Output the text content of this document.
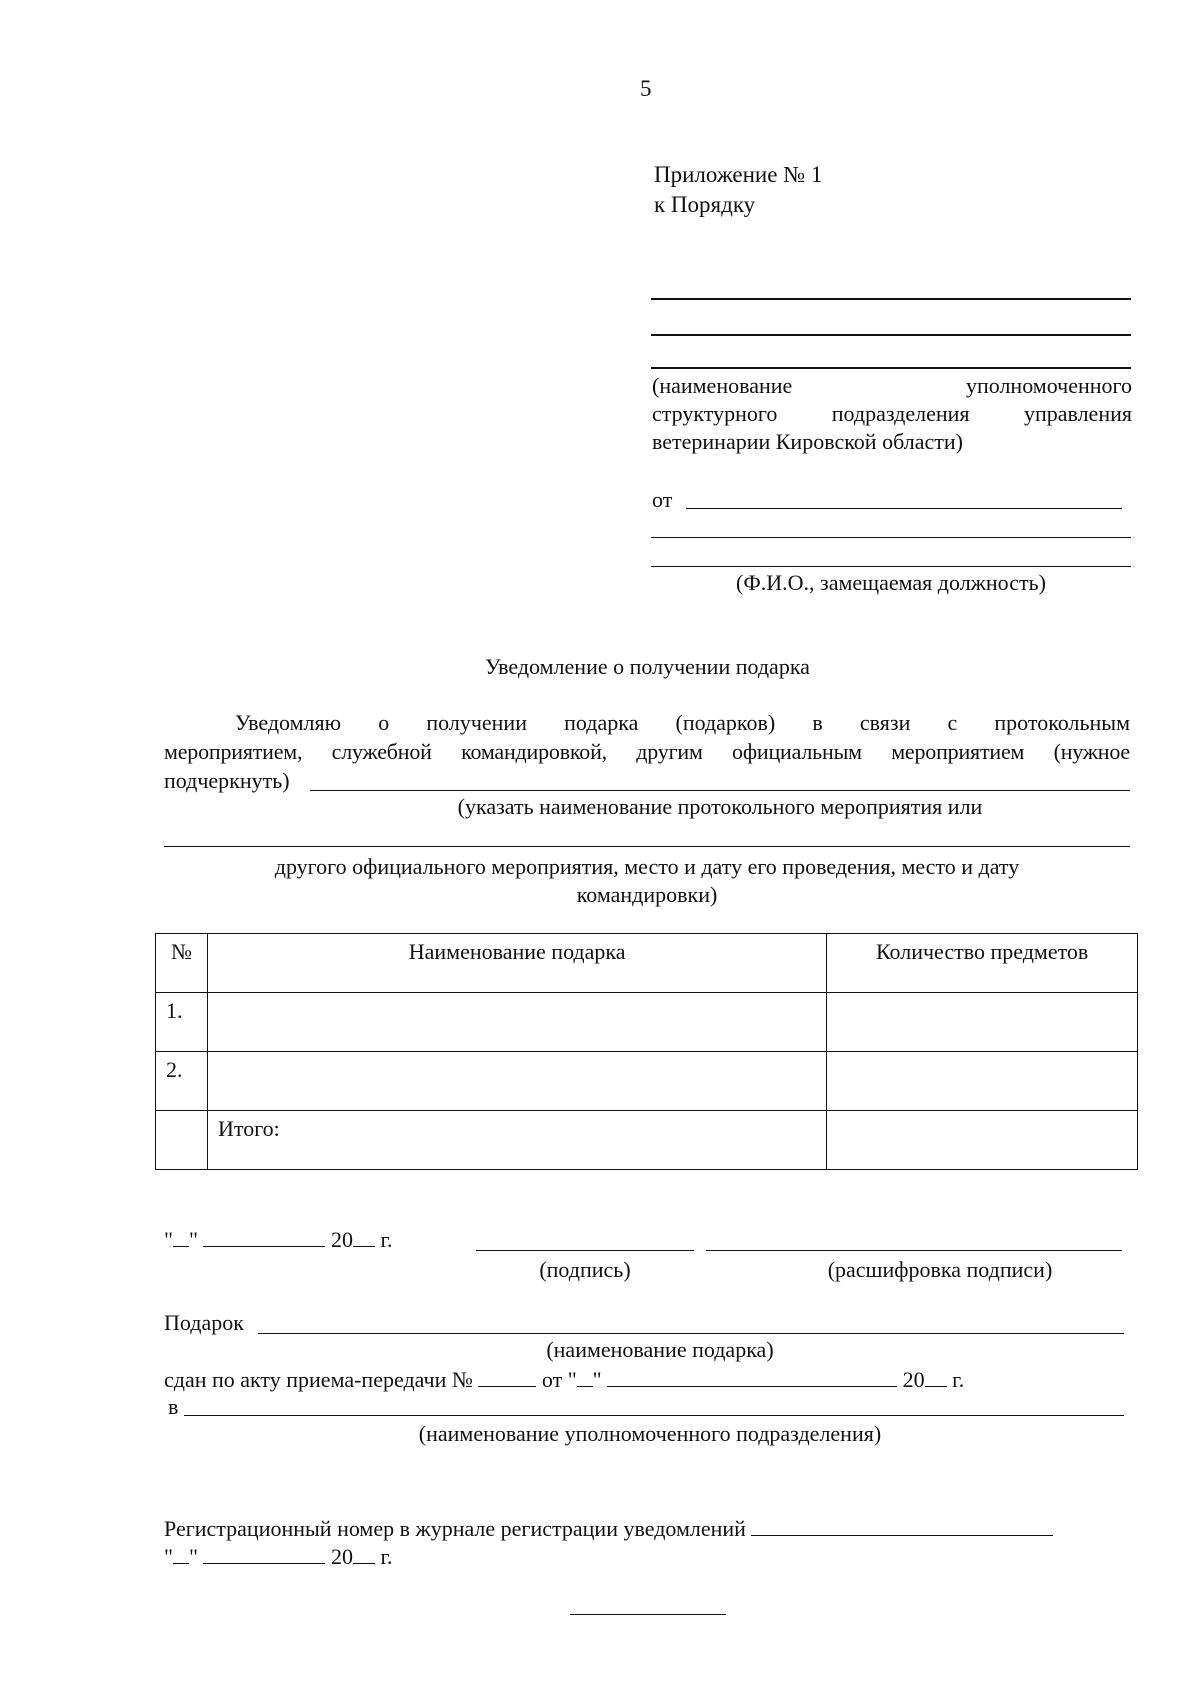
5
Приложение № 1
к Порядку
(наименование	уполномоченного
структурного подразделения управления
ветеринарии Кировской области)
от
(Ф.И.О., замещаемая должность)
Уведомление о получении подарка
Уведомляю о получении подарка (подарков) в связи с протокольным
мероприятием, служебной командировкой, другим официальным мероприятием (нужное
подчеркнуть)
(указать наименование протокольного мероприятия или
другого официального мероприятия, место и дату его проведения, место и дату
командировки)
№	Наименование подарка	Количество предметов
1.		
2.		
	Итого:	
" "	20 г.
(подпись)	(расшифровка подписи)
Подарок
(наименование подарка)
сдан по акту приема-передачи №	от " "	20 г.
в
(наименование уполномоченного подразделения)
Регистрационный номер в журнале регистрации уведомлений
" "	20 г.
